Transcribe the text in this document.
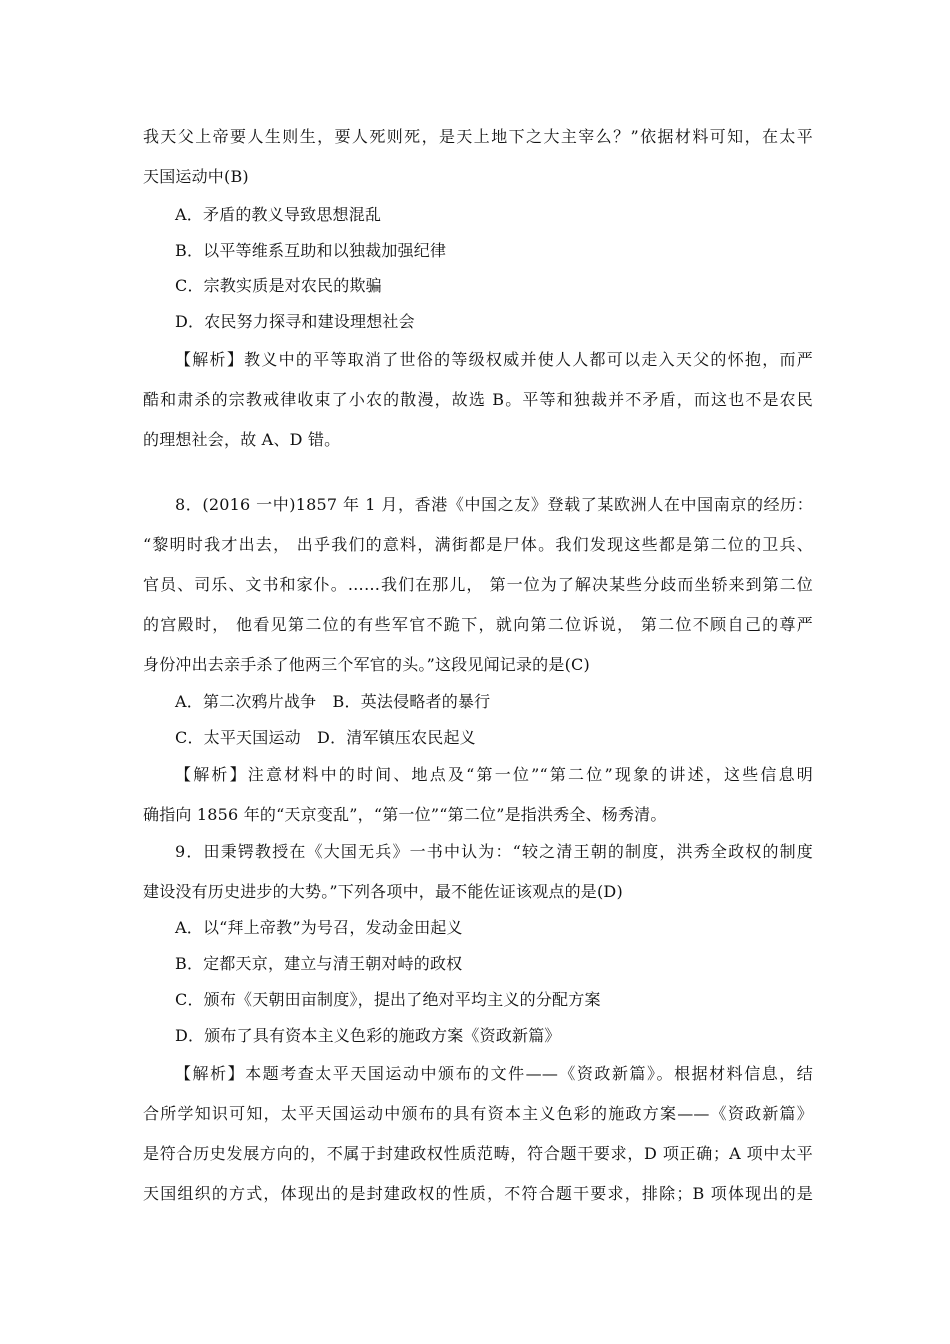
我天父上帝要人生则生，要人死则死，是天上地下之大主宰么？”依据材料可知，在太平
天国运动中(B)
A．矛盾的教义导致思想混乱
B．以平等维系互助和以独裁加强纪律
C．宗教实质是对农民的欺骗
D．农民努力探寻和建设理想社会
【解析】教义中的平等取消了世俗的等级权威并使人人都可以走入天父的怀抱，而严
酷和肃杀的宗教戒律收束了小农的散漫，故选 B。平等和独裁并不矛盾，而这也不是农民
的理想社会，故 A、D 错。
8．(2016 一中)1857 年 1 月，香港《中国之友》登载了某欧洲人在中国南京的经历：
“黎明时我才出去， 出乎我们的意料，满街都是尸体。我们发现这些都是第二位的卫兵、
官员、司乐、文书和家仆。……我们在那儿， 第一位为了解决某些分歧而坐轿来到第二位
的宫殿时， 他看见第二位的有些军官不跪下，就向第二位诉说， 第二位不顾自己的尊严
身份冲出去亲手杀了他两三个军官的头。”这段见闻记录的是(C)
A．第二次鸦片战争　B．英法侵略者的暴行
C．太平天国运动　D．清军镇压农民起义
【解析】注意材料中的时间、地点及“第一位”“第二位”现象的讲述，这些信息明
确指向 1856 年的“天京变乱”，“第一位”“第二位”是指洪秀全、杨秀清。
9．田秉锷教授在《大国无兵》一书中认为：“较之清王朝的制度，洪秀全政权的制度
建设没有历史进步的大势。”下列各项中，最不能佐证该观点的是(D)
A．以“拜上帝教”为号召，发动金田起义
B．定都天京，建立与清王朝对峙的政权
C．颁布《天朝田亩制度》，提出了绝对平均主义的分配方案
D．颁布了具有资本主义色彩的施政方案《资政新篇》
【解析】本题考查太平天国运动中颁布的文件——《资政新篇》。根据材料信息，结
合所学知识可知，太平天国运动中颁布的具有资本主义色彩的施政方案——《资政新篇》
是符合历史发展方向的，不属于封建政权性质范畴，符合题干要求，D 项正确；A 项中太平
天国组织的方式，体现出的是封建政权的性质，不符合题干要求，排除；B 项体现出的是
